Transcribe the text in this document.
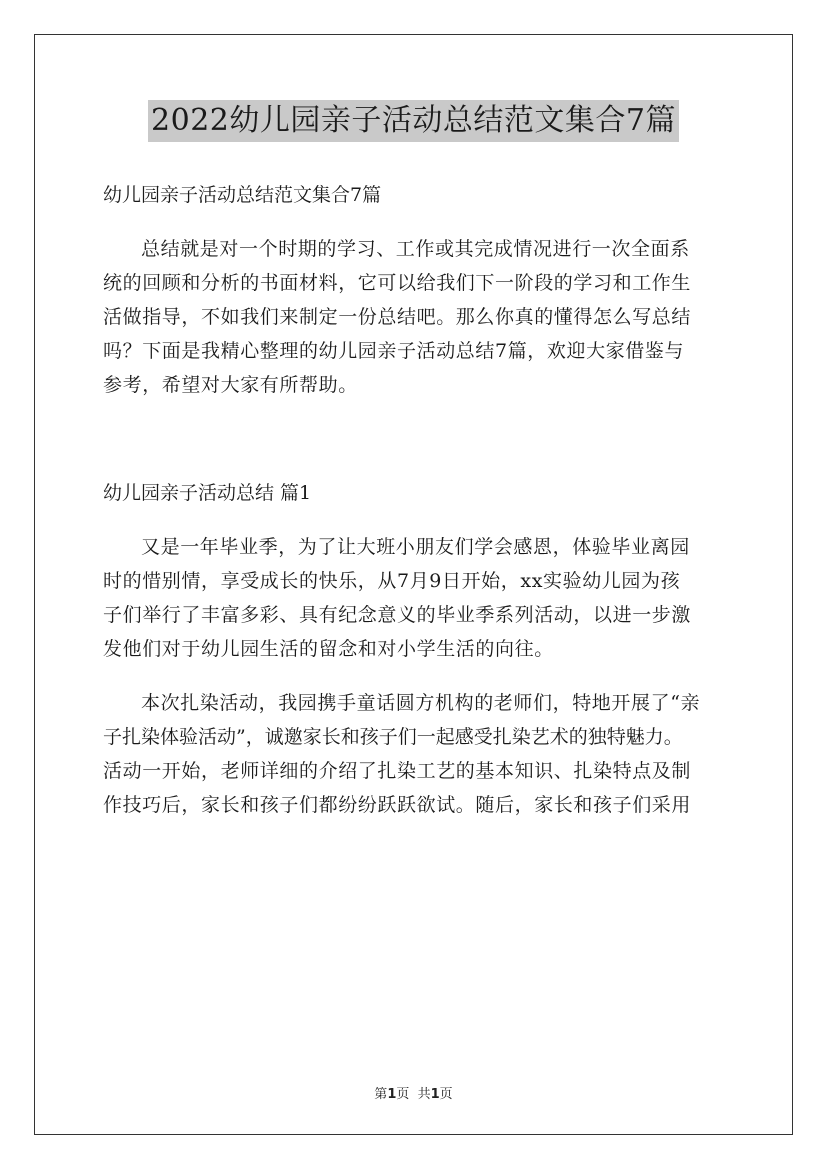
2022幼儿园亲子活动总结范文集合7篇

幼儿园亲子活动总结范文集合7篇

总结就是对一个时期的学习、工作或其完成情况进行一次全面系
统的回顾和分析的书面材料，它可以给我们下一阶段的学习和工作生
活做指导，不如我们来制定一份总结吧。那么你真的懂得怎么写总结
吗？下面是我精心整理的幼儿园亲子活动总结7篇，欢迎大家借鉴与
参考，希望对大家有所帮助。

幼儿园亲子活动总结 篇1

又是一年毕业季，为了让大班小朋友们学会感恩，体验毕业离园
时的惜别情，享受成长的快乐，从7月9日开始，xx实验幼儿园为孩
子们举行了丰富多彩、具有纪念意义的毕业季系列活动，以进一步激
发他们对于幼儿园生活的留念和对小学生活的向往。

本次扎染活动，我园携手童话圆方机构的老师们，特地开展了“亲
子扎染体验活动”，诚邀家长和孩子们一起感受扎染艺术的独特魅力。
活动一开始，老师详细的介绍了扎染工艺的基本知识、扎染特点及制
作技巧后，家长和孩子们都纷纷跃跃欲试。随后，家长和孩子们采用

第1页  共1页
